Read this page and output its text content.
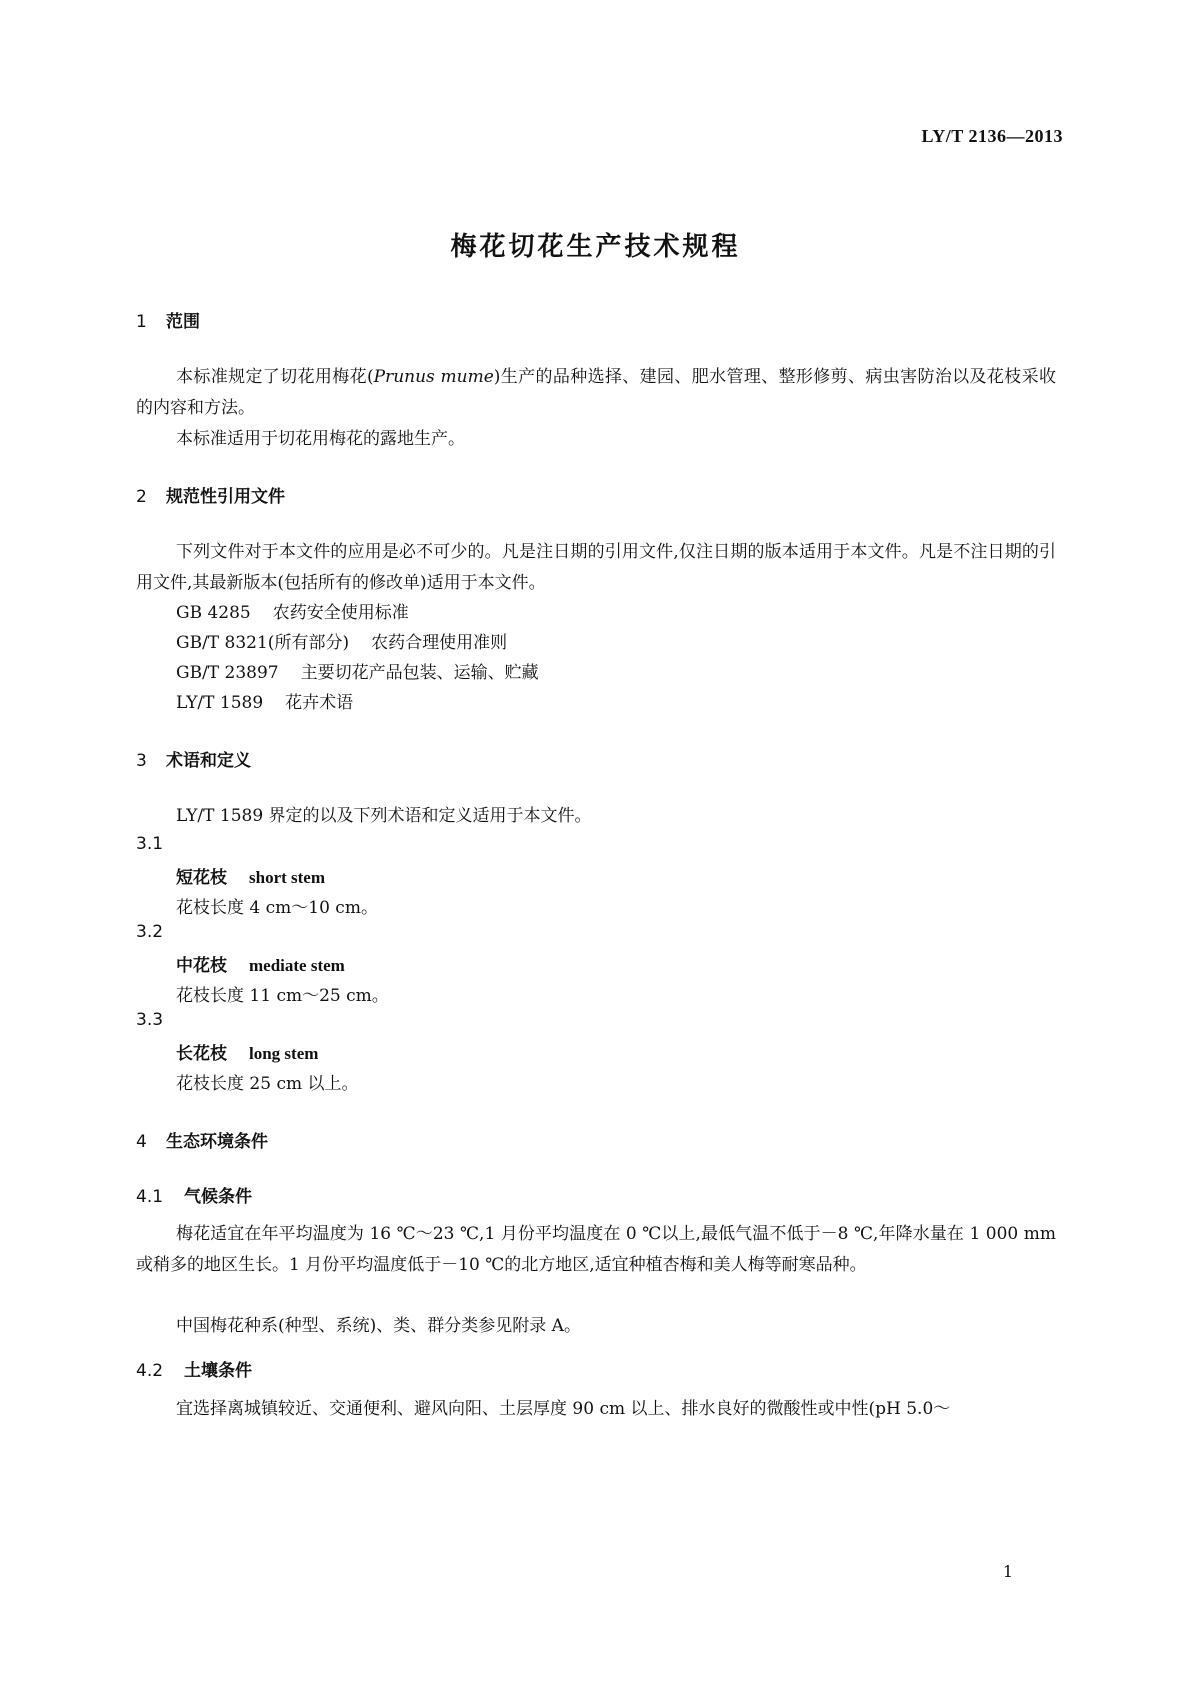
LY/T 2136—2013
梅花切花生产技术规程
1 范围
本标准规定了切花用梅花(Prunus mume)生产的品种选择、建园、肥水管理、整形修剪、病虫害防治以及花枝采收的内容和方法。
本标准适用于切花用梅花的露地生产。
2 规范性引用文件
下列文件对于本文件的应用是必不可少的。凡是注日期的引用文件,仅注日期的版本适用于本文件。凡是不注日期的引用文件,其最新版本(包括所有的修改单)适用于本文件。
GB 4285 农药安全使用标准
GB/T 8321(所有部分) 农药合理使用准则
GB/T 23897 主要切花产品包装、运输、贮藏
LY/T 1589 花卉术语
3 术语和定义
LY/T 1589 界定的以及下列术语和定义适用于本文件。
3.1
短花枝 short stem
花枝长度 4 cm～10 cm。
3.2
中花枝 mediate stem
花枝长度 11 cm～25 cm。
3.3
长花枝 long stem
花枝长度 25 cm 以上。
4 生态环境条件
4.1 气候条件
梅花适宜在年平均温度为 16 ℃～23 ℃,1 月份平均温度在 0 ℃以上,最低气温不低于－8 ℃,年降水量在 1 000 mm 或稍多的地区生长。1 月份平均温度低于－10 ℃的北方地区,适宜种植杏梅和美人梅等耐寒品种。
中国梅花种系(种型、系统)、类、群分类参见附录 A。
4.2 土壤条件
宜选择离城镇较近、交通便利、避风向阳、土层厚度 90 cm 以上、排水良好的微酸性或中性(pH 5.0～
1
